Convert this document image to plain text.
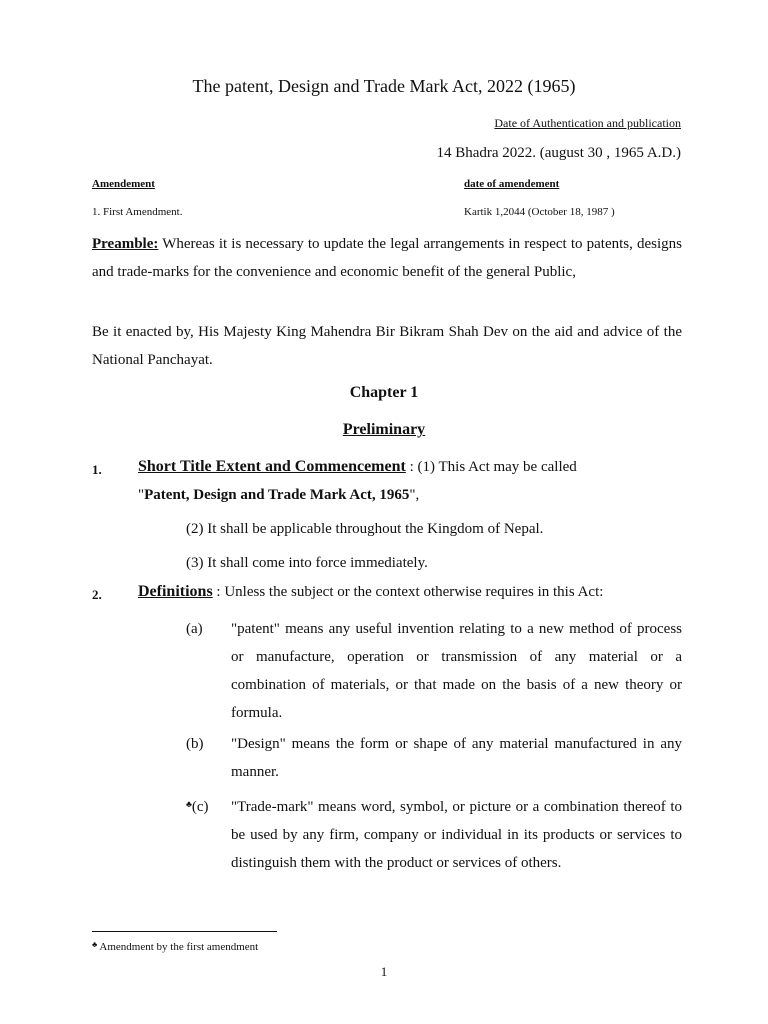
The patent, Design and Trade Mark Act, 2022 (1965)
Date of Authentication and publication
14 Bhadra 2022. (august 30 , 1965 A.D.)
Amendement	date of amendement
1. First Amendment.	Kartik 1,2044 (October 18, 1987 )
Preamble: Whereas it is necessary to update the legal arrangements in respect to patents, designs and trade-marks for the convenience and economic benefit of the general Public,
Be it enacted by, His Majesty King Mahendra Bir Bikram Shah Dev on the aid and advice of the National Panchayat.
Chapter 1
Preliminary
1. Short Title Extent and Commencement : (1) This Act may be called
"Patent, Design and Trade Mark Act, 1965",
(2) It shall be applicable throughout the Kingdom of Nepal.
(3) It shall come into force immediately.
2. Definitions : Unless the subject or the context otherwise requires in this Act:
(a) "patent" means any useful invention relating to a new method of process or manufacture, operation or transmission of any material or a combination of materials, or that made on the basis of a new theory or formula.
(b) "Design" means the form or shape of any material manufactured in any manner.
♣(c) "Trade-mark" means word, symbol, or picture or a combination thereof to be used by any firm, company or individual in its products or services to distinguish them with the product or services of others.
♣ Amendment by the first amendment
1
